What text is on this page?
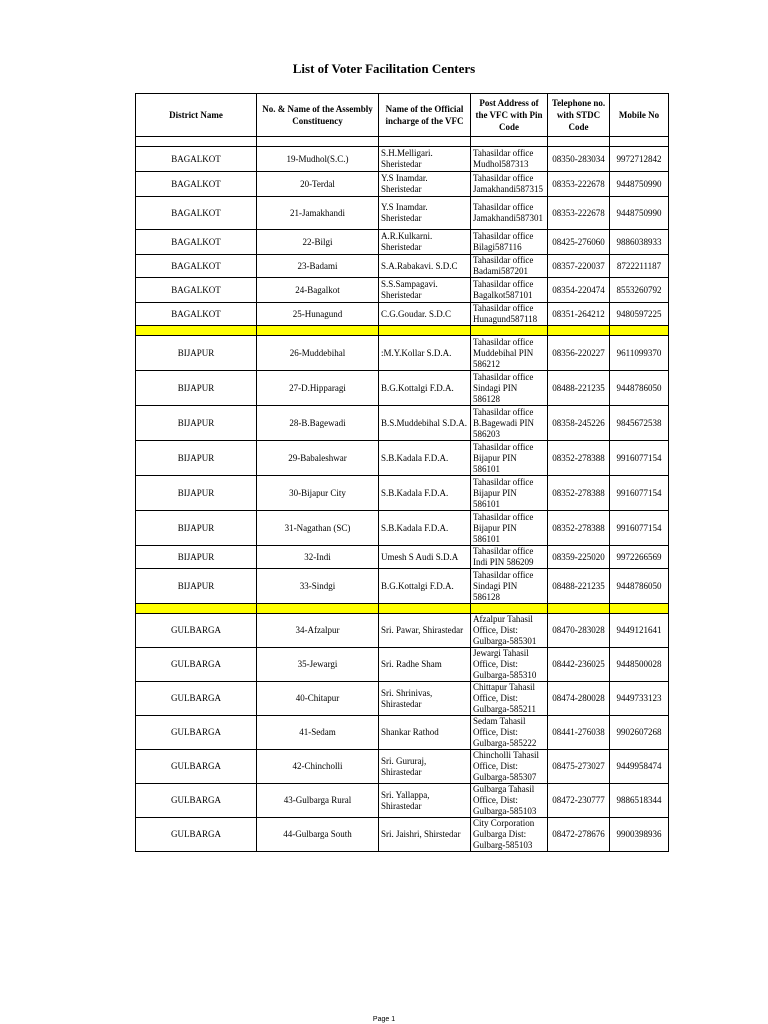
List of Voter Facilitation Centers
District Name	No. & Name of the Assembly Constituency	Name of the Official incharge of the VFC	Post Address of the VFC with Pin Code	Telephone no. with STDC Code	Mobile No

BAGALKOT	19-Mudhol(S.C.)	S.H.Melligari. Sheristedar	Tahasildar office Mudhol587313	08350-283034	9972712842
BAGALKOT	20-Terdal	Y.S Inamdar. Sheristedar	Tahasildar office Jamakhandi587315	08353-222678	9448750990
BAGALKOT	21-Jamakhandi	Y.S Inamdar. Sheristedar	Tahasildar office Jamakhandi587301	08353-222678	9448750990
BAGALKOT	22-Bilgi	A.R.Kulkarni. Sheristedar	Tahasildar office Bilagi587116	08425-276060	9886038933
BAGALKOT	23-Badami	S.A.Rabakavi. S.D.C	Tahasildar office Badami587201	08357-220037	8722211187
BAGALKOT	24-Bagalkot	S.S.Sampagavi. Sheristedar	Tahasildar office Bagalkot587101	08354-220474	8553260792
BAGALKOT	25-Hunagund	C.G.Goudar. S.D.C	Tahasildar office Hunagund587118	08351-264212	9480597225

BIJAPUR	26-Muddebihal	:M.Y.Kollar S.D.A.	Tahasildar office Muddebihal PIN 586212	08356-220227	9611099370
BIJAPUR	27-D.Hipparagi	B.G.Kottalgi F.D.A.	Tahasildar office Sindagi PIN 586128	08488-221235	9448786050
BIJAPUR	28-B.Bagewadi	B.S.Muddebihal S.D.A.	Tahasildar office B.Bagewadi PIN 586203	08358-245226	9845672538
BIJAPUR	29-Babaleshwar	S.B.Kadala F.D.A.	Tahasildar office Bijapur PIN 586101	08352-278388	9916077154
BIJAPUR	30-Bijapur City	S.B.Kadala F.D.A.	Tahasildar office Bijapur PIN 586101	08352-278388	9916077154
BIJAPUR	31-Nagathan (SC)	S.B.Kadala F.D.A.	Tahasildar office Bijapur PIN 586101	08352-278388	9916077154
BIJAPUR	32-Indi	Umesh S Audi S.D.A	Tahasildar office Indi PIN 586209	08359-225020	9972266569
BIJAPUR	33-Sindgi	B.G.Kottalgi F.D.A.	Tahasildar office Sindagi PIN 586128	08488-221235	9448786050

GULBARGA	34-Afzalpur	Sri. Pawar, Shirastedar	Afzalpur Tahasil Office, Dist: Gulbarga-585301	08470-283028	9449121641
GULBARGA	35-Jewargi	Sri. Radhe Sham	Jewargi Tahasil Office, Dist: Gulbarga-585310	08442-236025	9448500028
GULBARGA	40-Chitapur	Sri. Shrinivas, Shirastedar	Chittapur Tahasil Office, Dist: Gulbarga-585211	08474-280028	9449733123
GULBARGA	41-Sedam	Shankar Rathod	Sedam Tahasil Office, Dist: Gulbarga-585222	08441-276038	9902607268
GULBARGA	42-Chincholli	Sri. Gururaj, Shirastedar	Chincholli Tahasil Office, Dist: Gulbarga-585307	08475-273027	9449958474
GULBARGA	43-Gulbarga Rural	Sri. Yallappa, Shirastedar	Gulbarga Tahasil Office, Dist: Gulbarga-585103	08472-230777	9886518344
GULBARGA	44-Gulbarga South	Sri. Jaishri, Shirstedar	City Corporation Gulbarga Dist: Gulbarg-585103	08472-278676	9900398936
Page 1
